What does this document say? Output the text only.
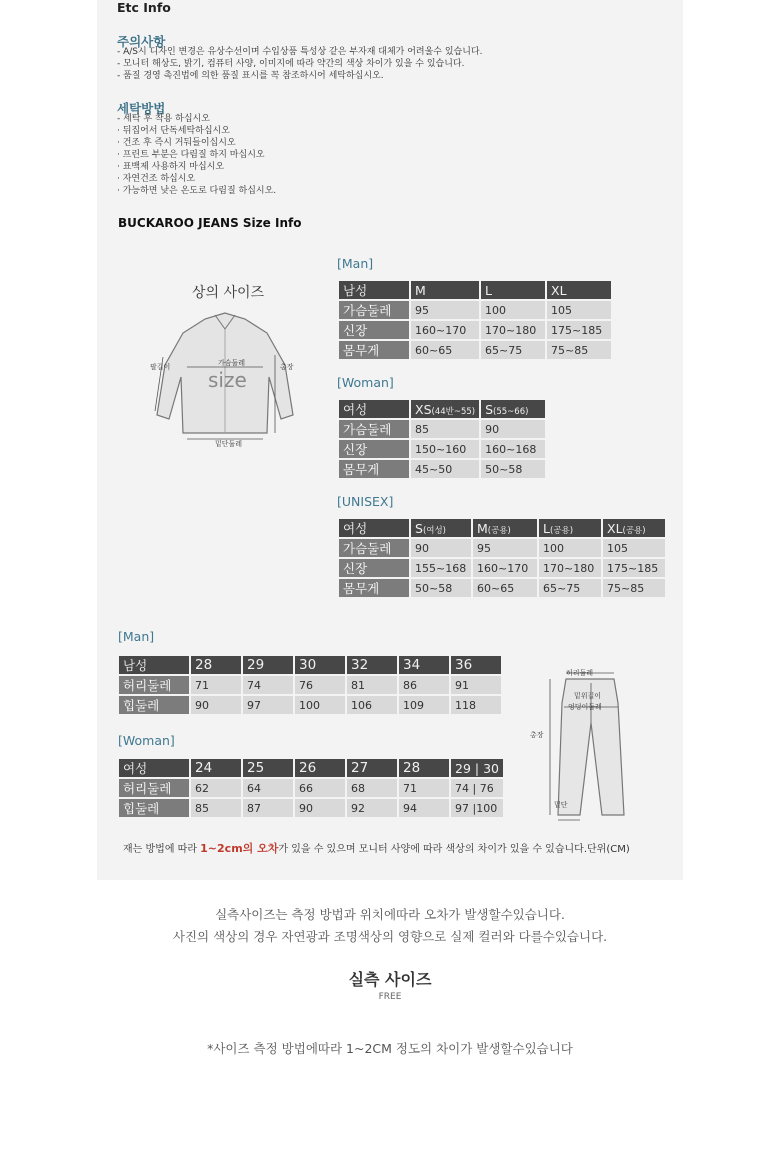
Etc Info
주의사항
- A/S시 디자인 변경은 유상수선이며 수입상품 특성상 같은 부자재 대체가 어려울수 있습니다.
- 모니터 해상도, 밝기, 컴퓨터 사양, 이미지에 따라 약간의 색상 차이가 있을 수 있습니다.
- 품질 경영 촉진법에 의한 품질 표시를 꼭 참조하시어 세탁하십시오.
세탁방법
- 세탁 후 착용 하십시오
· 뒤집어서 단독세탁하십시오
· 건조 후 즉시 거둬들이십시오
· 프린트 부분은 다림질 하지 마십시오
· 표백제 사용하지 마십시오
· 자연건조 하십시오
· 가능하면 낮은 온도로 다림질 하십시오.
BUCKAROO JEANS Size Info
상의 사이즈
가슴둘레
size
팔길이	총장
밑단둘레
[Man]
남성	M	L	XL
가슴둘레	95	100	105
신장	160~170	170~180	175~185
몸무게	60~65	65~75	75~85
[Woman]
여성	XS(44반~55)	S(55~66)
가슴둘레	85	90
신장	150~160	160~168
몸무게	45~50	50~58
[UNISEX]
여성	S(여성)	M(공용)	L(공용)	XL(공용)
가슴둘레	90	95	100	105
신장	155~168	160~170	170~180	175~185
몸무게	50~58	60~65	65~75	75~85
[Man]
남성	28	29	30	32	34	36
허리둘레	71	74	76	81	86	91
힙둘레	90	97	100	106	109	118
[Woman]
여성	24	25	26	27	28	29 | 30
허리둘레	62	64	66	68	71	74 | 76
힙둘레	85	87	90	92	94	97 |100
허리둘레
밑위길이
엉덩이둘레
총장
밑단
재는 방법에 따라 1~2cm의 오차가 있을 수 있으며 모니터 사양에 따라 색상의 차이가 있을 수 있습니다.단위(CM)
실측사이즈는 측정 방법과 위치에따라 오차가 발생할수있습니다.
사진의 색상의 경우 자연광과 조명색상의 영향으로 실제 컬러와 다를수있습니다.
실측 사이즈
FREE
*사이즈 측정 방법에따라 1~2CM 정도의 차이가 발생할수있습니다
